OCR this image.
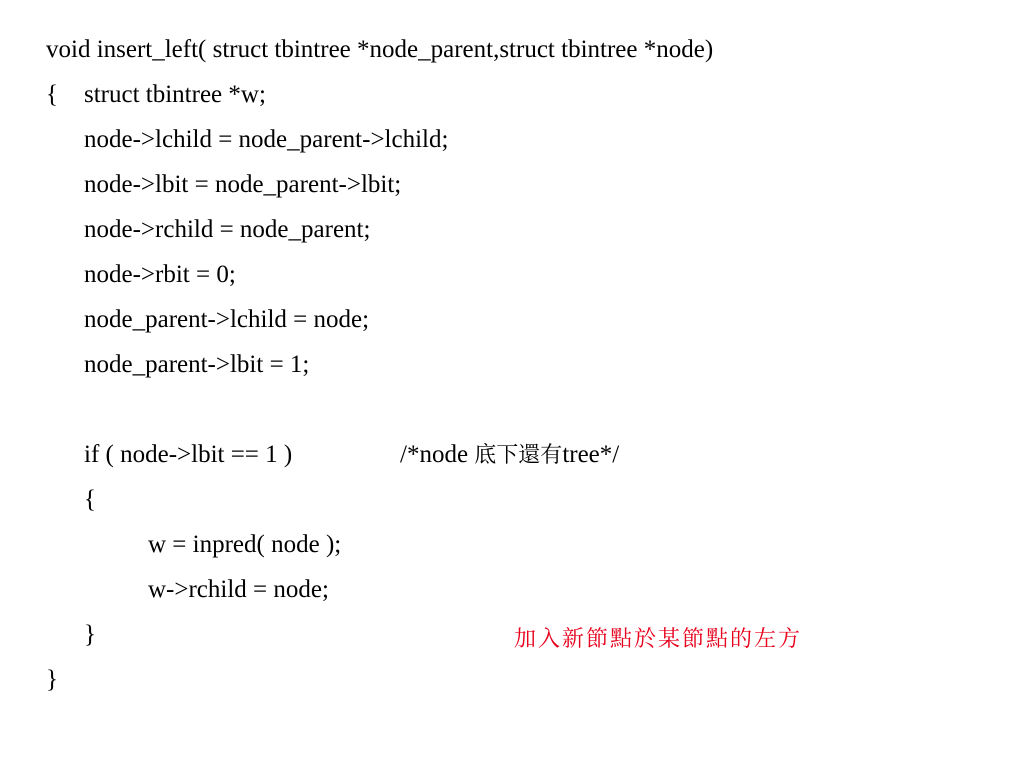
void insert_left( struct tbintree *node_parent,struct tbintree *node)
{ struct tbintree *w;
node->lchild = node_parent->lchild;
node->lbit = node_parent->lbit;
node->rchild = node_parent;
node->rbit = 0;
node_parent->lchild = node;
node_parent->lbit = 1;
if ( node->lbit == 1 )	/*node 底下還有tree*/
{
w = inpred( node );
w->rchild = node;
}	加入新節點於某節點的左方
}
